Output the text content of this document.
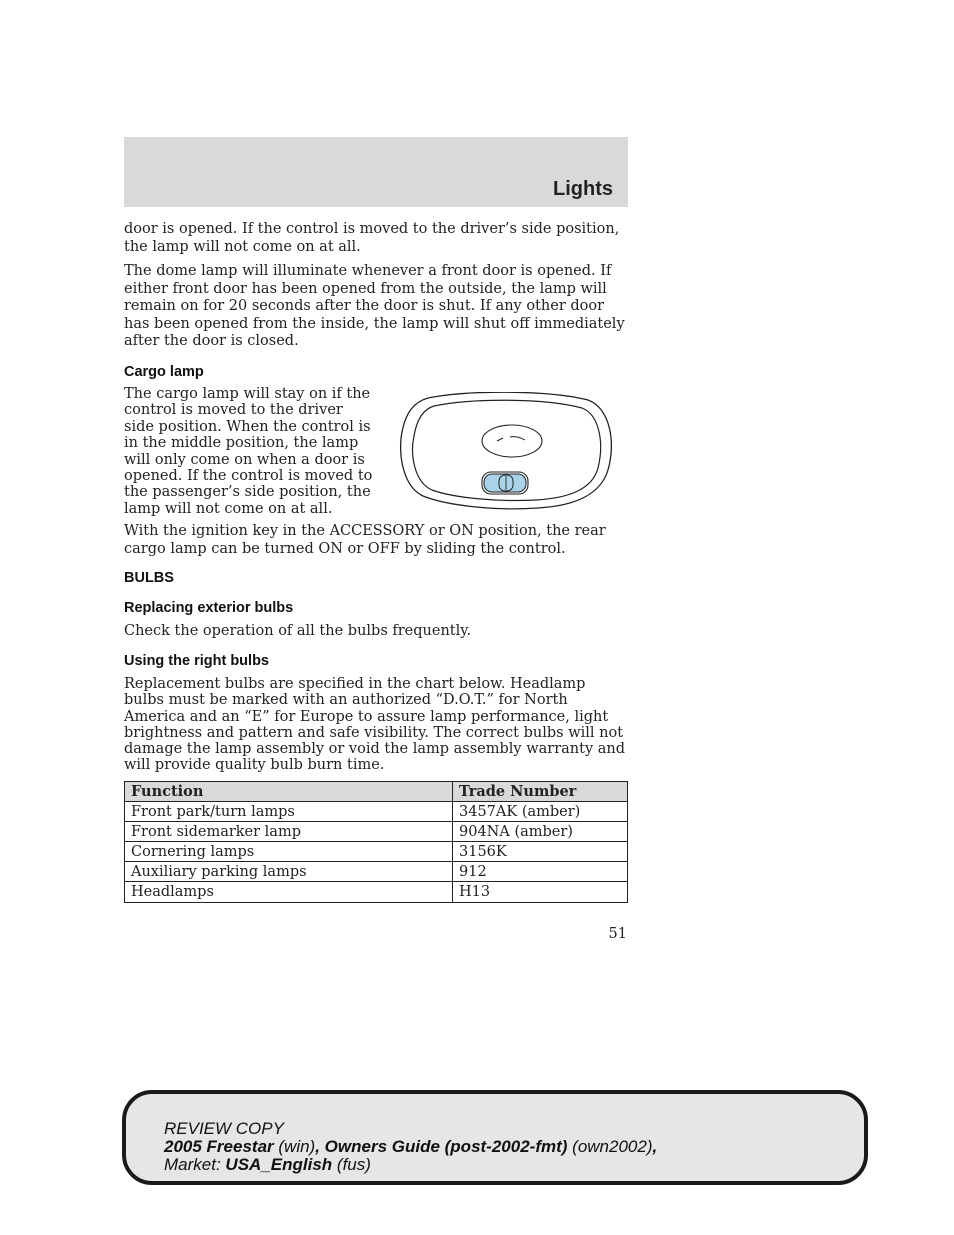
Lights

door is opened. If the control is moved to the driver’s side position, the lamp will not come on at all.

The dome lamp will illuminate whenever a front door is opened. If either front door has been opened from the outside, the lamp will remain on for 20 seconds after the door is shut. If any other door has been opened from the inside, the lamp will shut off immediately after the door is closed.

Cargo lamp

The cargo lamp will stay on if the control is moved to the driver side position. When the control is in the middle position, the lamp will only come on when a door is opened. If the control is moved to the passenger’s side position, the lamp will not come on at all.

With the ignition key in the ACCESSORY or ON position, the rear cargo lamp can be turned ON or OFF by sliding the control.

BULBS
Replacing exterior bulbs

Check the operation of all the bulbs frequently.

Using the right bulbs

Replacement bulbs are specified in the chart below. Headlamp bulbs must be marked with an authorized “D.O.T.” for North America and an “E” for Europe to assure lamp performance, light brightness and pattern and safe visibility. The correct bulbs will not damage the lamp assembly or void the lamp assembly warranty and will provide quality bulb burn time.

Function	Trade Number
Front park/turn lamps	3457AK (amber)
Front sidemarker lamp	904NA (amber)
Cornering lamps	3156K
Auxiliary parking lamps	912
Headlamps	H13
51
REVIEW COPY
2005 Freestar (win), Owners Guide (post-2002-fmt) (own2002),
Market: USA_English (fus)
